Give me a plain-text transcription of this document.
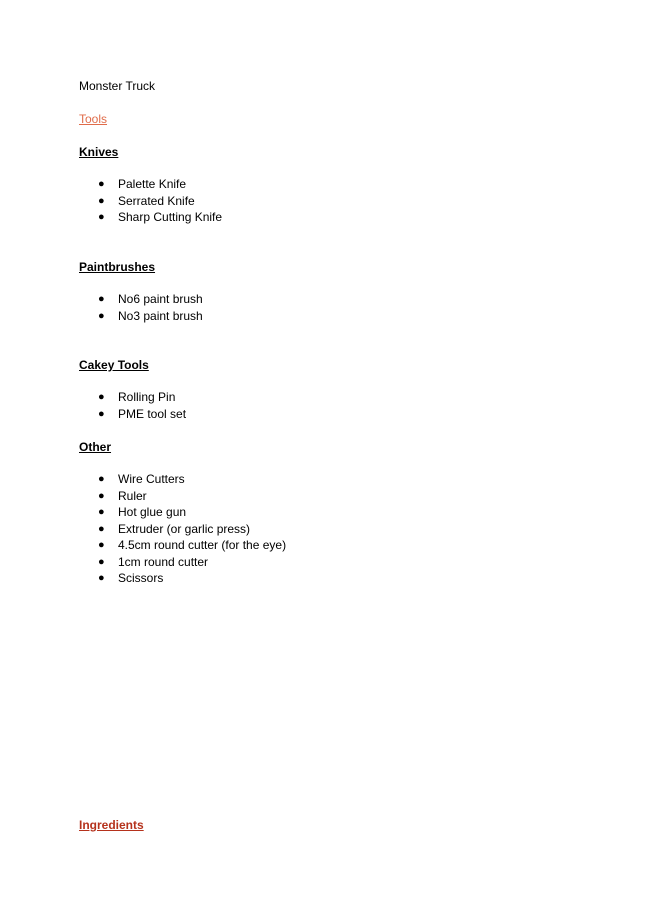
Monster Truck
Tools
Knives
● Palette Knife
● Serrated Knife
● Sharp Cutting Knife
Paintbrushes
● No6 paint brush
● No3 paint brush
Cakey Tools
● Rolling Pin
● PME tool set
Other
● Wire Cutters
● Ruler
● Hot glue gun
● Extruder (or garlic press)
● 4.5cm round cutter (for the eye)
● 1cm round cutter
● Scissors
Ingredients
